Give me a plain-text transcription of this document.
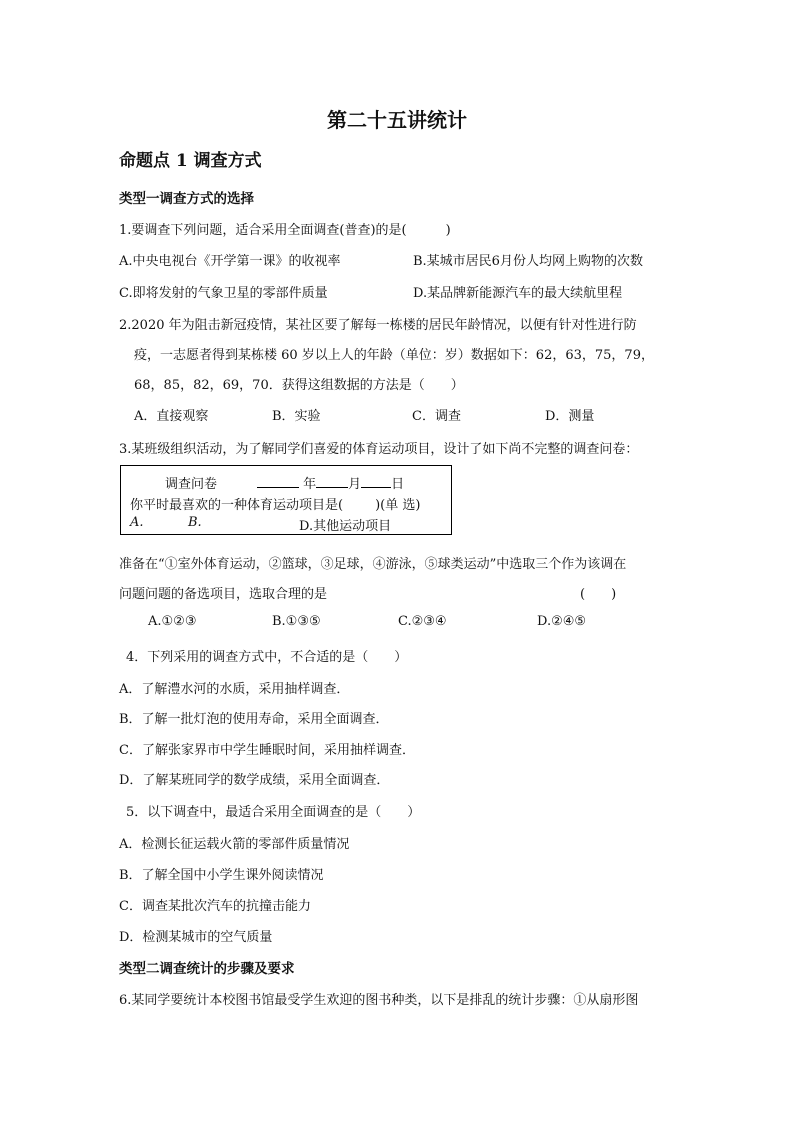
第二十五讲统计
命题点 1 调查方式
类型一调查方式的选择
1.要调查下列问题，适合采用全面调查(普查)的是(　　　)
A.中央电视台《开学第一课》的收视率	B.某城市居民6月份人均网上购物的次数
C.即将发射的气象卫星的零部件质量	D.某品牌新能源汽车的最大续航里程
2.2020 年为阻击新冠疫情，某社区要了解每一栋楼的居民年龄情况，以便有针对性进行防
疫，一志愿者得到某栋楼 60 岁以上人的年龄（单位：岁）数据如下：62，63，75，79，
68，85，82，69，70．获得这组数据的方法是（　　）
A．直接观察	B．实验	C．调查	D．测量
3.某班级组织活动，为了解同学们喜爱的体育运动项目，设计了如下尚不完整的调查问卷：
调查问卷	年 月 日
你平时最喜欢的一种体育运动项目是( )(单 选)
A.	B.	D.其他运动项目
准备在“①室外体育运动，②篮球，③足球，④游泳，⑤球类运动”中选取三个作为该调在
问题问题的备选项目，选取合理的是	(　　)
A.①②③	B.①③⑤	C.②③④	D.②④⑤
4．下列采用的调查方式中，不合适的是（　　）
A．了解澧水河的水质，采用抽样调查．
B．了解一批灯泡的使用寿命，采用全面调查．
C．了解张家界市中学生睡眠时间，采用抽样调查．
D．了解某班同学的数学成绩，采用全面调查．
5．以下调查中，最适合采用全面调查的是（　　）
A．检测长征运载火箭的零部件质量情况
B．了解全国中小学生课外阅读情况
C．调查某批次汽车的抗撞击能力
D．检测某城市的空气质量
类型二调查统计的步骤及要求
6.某同学要统计本校图书馆最受学生欢迎的图书种类，以下是排乱的统计步骤：①从扇形图
